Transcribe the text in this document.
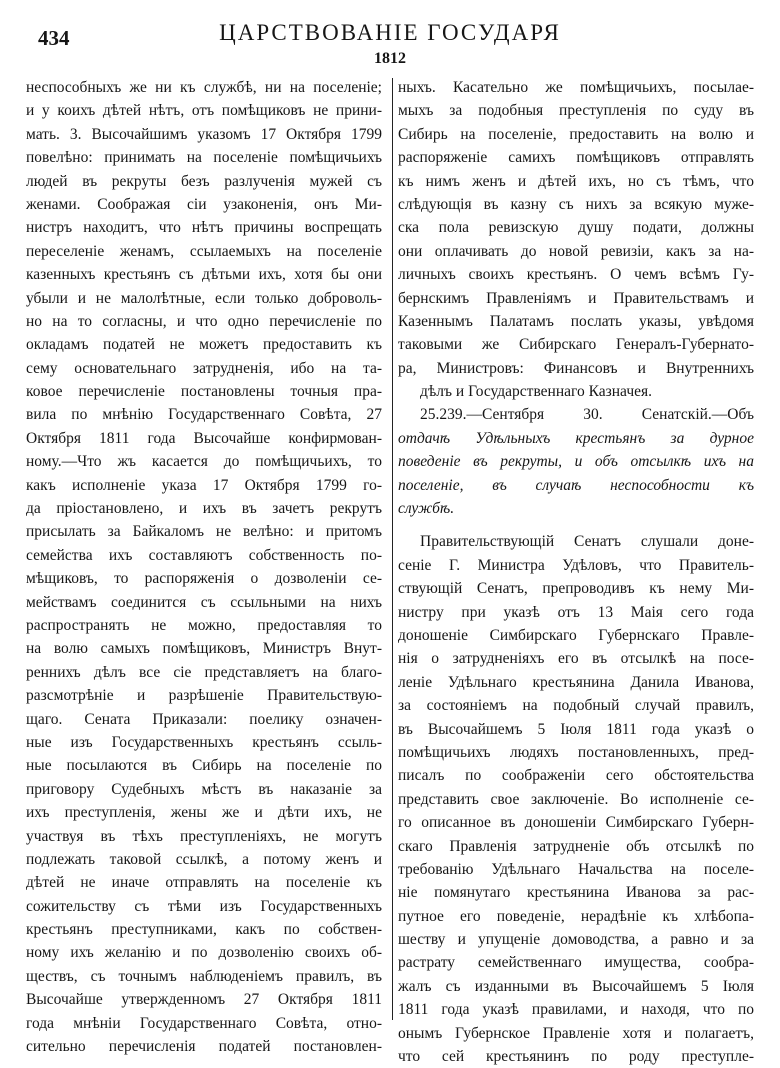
434	ЦАРСТВОВАНІЕ ГОСУДАРЯ
1812
неспособныхъ же ни къ службѣ, ни на поселеніе;
и у коихъ дѣтей нѣтъ, отъ помѣщиковъ не прини-
мать. 3. Высочайшимъ указомъ 17 Октября 1799
повелѣно: принимать на поселеніе помѣщичьихъ
людей въ рекруты безъ разлученія мужей съ
женами. Соображая сіи узаконенія, онъ Ми-
нистръ находитъ, что нѣтъ причины воспрещать
переселеніе женамъ, ссылаемыхъ на поселеніе
казенныхъ крестьянъ съ дѣтьми ихъ, хотя бы они
убыли и не малолѣтные, если только доброволь-
но на то согласны, и что одно перечисленіе по
окладамъ податей не можетъ предоставить къ
сему основательнаго затрудненія, ибо на та-
ковое перечисленіе постановлены точныя пра-
вила по мнѣнію Государственнаго Совѣта, 27
Октября 1811 года Высочайше конфирмован-
ному.—Что жъ касается до помѣщичьихъ, то
какъ исполненіе указа 17 Октября 1799 го-
да пріостановлено, и ихъ въ зачетъ рекрутъ
присылать за Байкаломъ не велѣно: и притомъ
семейства ихъ составляютъ собственность по-
мѣщиковъ, то распоряженія о дозволеніи се-
мействамъ соединится съ ссыльными на нихъ
распространять не можно, предоставляя то
на волю самыхъ помѣщиковъ, Министръ Внут-
реннихъ дѣлъ все сіе представляетъ на благо-
разсмотрѣніе и разрѣшеніе Правительствую-
щаго. Сената Приказали: поелику означен-
ные изъ Государственныхъ крестьянъ ссыль-
ные посылаются въ Сибирь на поселеніе по
приговору Судебныхъ мѣстъ въ наказаніе за
ихъ преступленія, жены же и дѣти ихъ, не
участвуя въ тѣхъ преступленіяхъ, не могутъ
подлежать таковой ссылкѣ, а потому женъ и
дѣтей не иначе отправлять на поселеніе къ
сожительству съ тѣми изъ Государственныхъ
крестьянъ преступниками, какъ по собствен-
ному ихъ желанію и по дозволенію своихъ об-
ществъ, съ точнымъ наблюденіемъ правилъ, въ
Высочайше утвержденномъ 27 Октября 1811
года мнѣніи Государственнаго Совѣта, отно-
сительно перечисленія податей постановлен-
ныхъ. Касательно же помѣщичьихъ, посылае-
мыхъ за подобныя преступленія по суду въ
Сибирь на поселеніе, предоставить на волю и
распоряженіе самихъ помѣщиковъ отправлять
къ нимъ женъ и дѣтей ихъ, но съ тѣмъ, что
слѣдующія въ казну съ нихъ за всякую муже-
ска пола ревизскую душу подати, должны
они оплачивать до новой ревизіи, какъ за на-
личныхъ своихъ крестьянъ. О чемъ всѣмъ Гу-
бернскимъ Правленіямъ и Правительствамъ и
Казеннымъ Палатамъ послать указы, увѣдомя
таковыми же Сибирскаго Генералъ-Губернато-
ра, Министровъ: Финансовъ и Внутреннихъ
дѣлъ и Государственнаго Казначея.
25.239.—Сентября 30. Сенатскій.—Объ
отдачѣ Удѣльныхъ крестьянъ за дурное
поведеніе въ рекруты, и объ отсылкѣ ихъ на
поселеніе, въ случаѣ неспособности къ
службѣ.
Правительствующій Сенатъ слушали доне-
сеніе Г. Министра Удѣловъ, что Правитель-
ствующій Сенатъ, препроводивъ къ нему Ми-
нистру при указѣ отъ 13 Маія сего года
доношеніе Симбирскаго Губернскаго Правле-
нія о затрудненіяхъ его въ отсылкѣ на посе-
леніе Удѣльнаго крестьянина Данила Иванова,
за состояніемъ на подобный случай правилъ,
въ Высочайшемъ 5 Іюля 1811 года указѣ о
помѣщичьихъ людяхъ постановленныхъ, пред-
писалъ по соображеніи сего обстоятельства
представить свое заключеніе. Во исполненіе се-
го описанное въ доношеніи Симбирскаго Губерн-
скаго Правленія затрудненіе объ отсылкѣ по
требованію Удѣльнаго Начальства на поселе-
ніе помянутаго крестьянина Иванова за рас-
путное его поведеніе, нерадѣніе къ хлѣбопа-
шеству и упущеніе домоводства, а равно и за
растрату семейственнаго имущества, сообра-
жалъ съ изданными въ Высочайшемъ 5 Іюля
1811 года указѣ правилами, и находя, что по
онымъ Губернское Правленіе хотя и полагаетъ,
что сей крестьянинъ по роду преступле-
